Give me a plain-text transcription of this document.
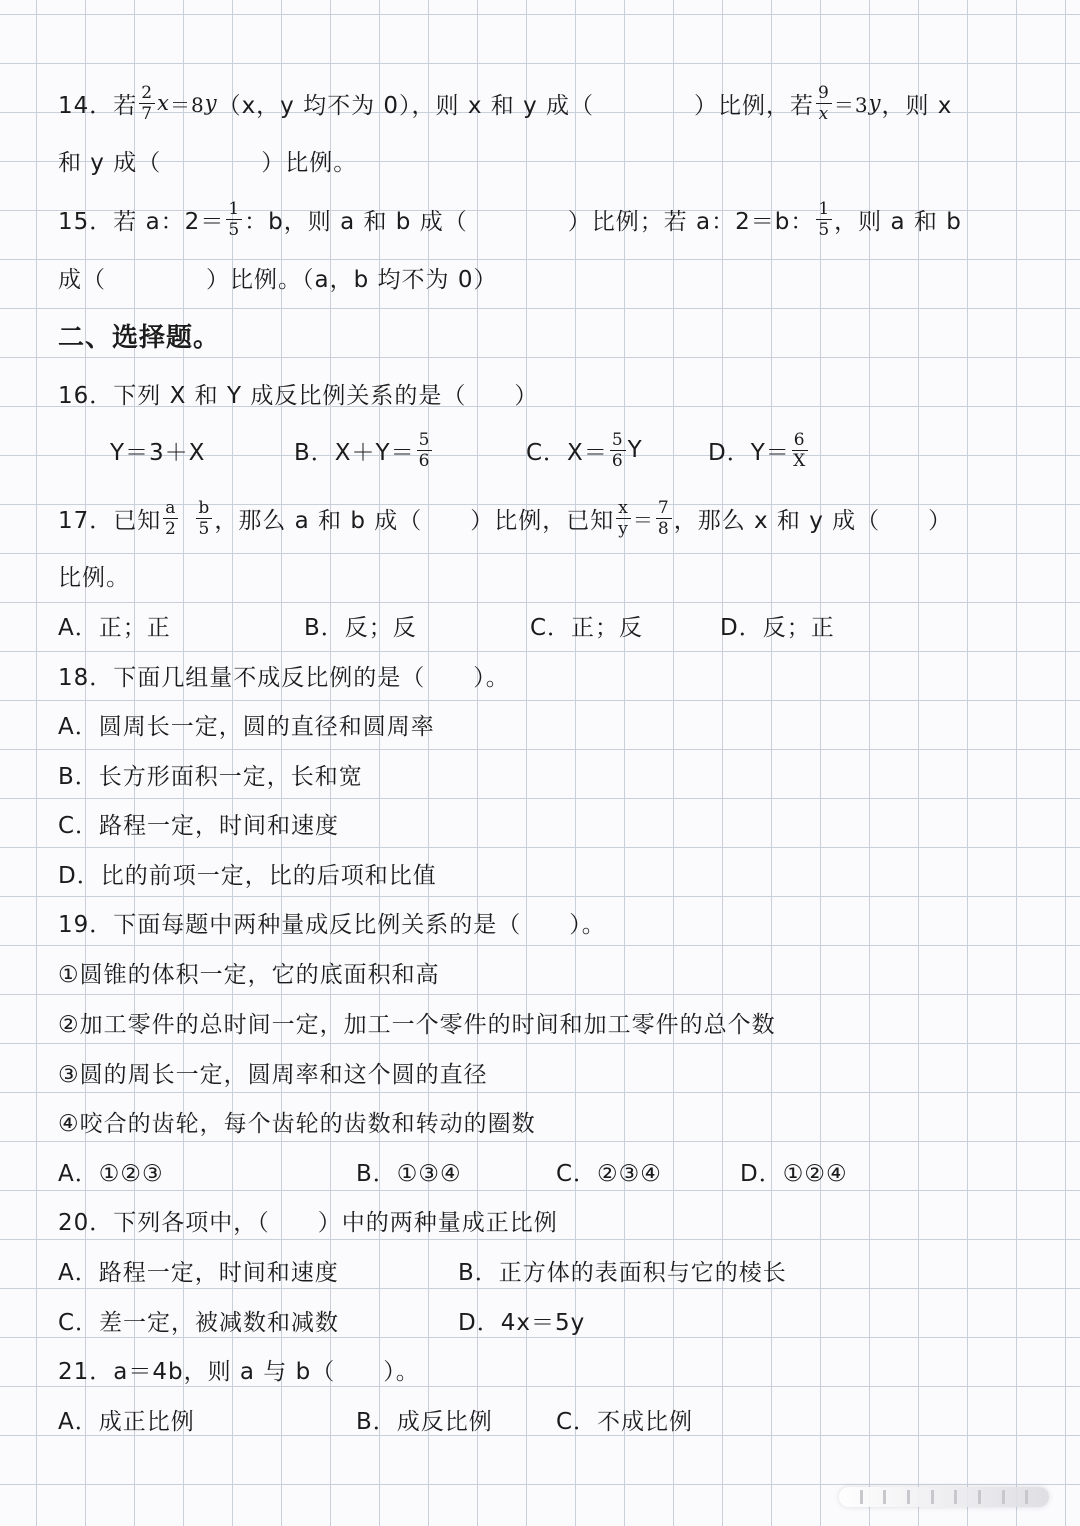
14． 若 $\frac{2}{7}$ x ＝8 y （x，y 均不为 0），则 x 和 y 成（	）比例，若 $\frac{9}{x} =3$ y ，则 x
和 y 成（	）比例。
15． 若 a：$2= \frac{1}{5}$ ：b，则 a 和 b 成（	）比例；若 a：2＝b： $\frac{1}{5}$ ，则 a 和 b
成（	）比例。（a，b 均不为 0）
二、选择题。
16．下列 X 和 Y 成反比例关系的是（　　）
Y＝3＋X	B．$X+Y= \frac{5}{6}$	C．$X= \frac{5}{6}$ Y	D．$Y= \frac{6}{X}$
17．已知 $\frac{a}{2} \frac{b}{5}$ ，那么 a 和 b 成（　　）比例，已知 $\frac{x}{y} = \frac{7}{8}$ ，那么 x 和 y 成（　　）
比例。
A．正；正	B．反；反	C．正；反	D．反；正
18．下面几组量不成反比例的是（　　）。
A．圆周长一定，圆的直径和圆周率
B．长方形面积一定，长和宽
C．路程一定，时间和速度
D．比的前项一定，比的后项和比值
19．下面每题中两种量成反比例关系的是（　　）。
①圆锥的体积一定，它的底面积和高
②加工零件的总时间一定，加工一个零件的时间和加工零件的总个数
③圆的周长一定，圆周率和这个圆的直径
④咬合的齿轮，每个齿轮的齿数和转动的圈数
A．①②③	B．①③④	C．②③④	D．①②④
20．下列各项中，（　　）中的两种量成正比例
A．路程一定，时间和速度	B．正方体的表面积与它的棱长
C．差一定，被减数和减数	D．4x＝5y
21．a＝4b，则 a 与 b（　　）。
A．成正比例	B．成反比例	C．不成比例
